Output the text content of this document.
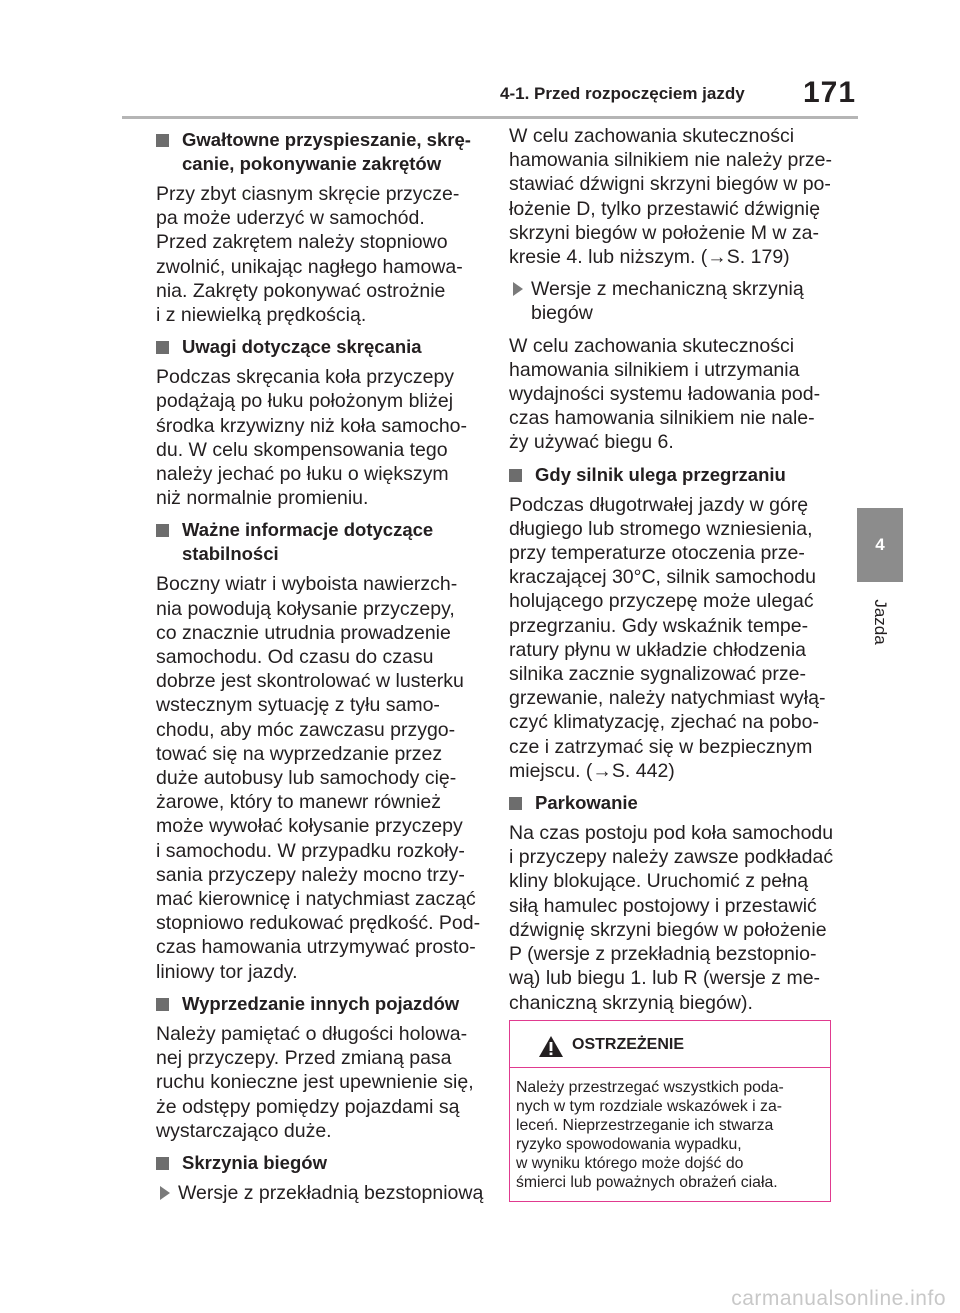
4-1. Przed rozpoczęciem jazdy 171
4
Jazda
Gwałtowne przyspieszanie, skrę-
canie, pokonywanie zakrętów
Przy zbyt ciasnym skręcie przycze-
pa może uderzyć w samochód.
Przed zakrętem należy stopniowo
zwolnić, unikając nagłego hamowa-
nia. Zakręty pokonywać ostrożnie
i z niewielką prędkością.
Uwagi dotyczące skręcania
Podczas skręcania koła przyczepy
podążają po łuku położonym bliżej
środka krzywizny niż koła samocho-
du. W celu skompensowania tego
należy jechać po łuku o większym
niż normalnie promieniu.
Ważne informacje dotyczące
stabilności
Boczny wiatr i wyboista nawierzch-
nia powodują kołysanie przyczepy,
co znacznie utrudnia prowadzenie
samochodu. Od czasu do czasu
dobrze jest skontrolować w lusterku
wstecznym sytuację z tyłu samo-
chodu, aby móc zawczasu przygo-
tować się na wyprzedzanie przez
duże autobusy lub samochody cię-
żarowe, który to manewr również
może wywołać kołysanie przyczepy
i samochodu. W przypadku rozkoły-
sania przyczepy należy mocno trzy-
mać kierownicę i natychmiast zacząć
stopniowo redukować prędkość. Pod-
czas hamowania utrzymywać prosto-
liniowy tor jazdy.
Wyprzedzanie innych pojazdów
Należy pamiętać o długości holowa-
nej przyczepy. Przed zmianą pasa
ruchu konieczne jest upewnienie się,
że odstępy pomiędzy pojazdami są
wystarczająco duże.
Skrzynia biegów
Wersje z przekładnią bezstopniową
W celu zachowania skuteczności
hamowania silnikiem nie należy prze-
stawiać dźwigni skrzyni biegów w po-
łożenie D, tylko przestawić dźwignię
skrzyni biegów w położenie M w za-
kresie 4. lub niższym. (→S. 179)
Wersje z mechaniczną skrzynią
biegów
W celu zachowania skuteczności
hamowania silnikiem i utrzymania
wydajności systemu ładowania pod-
czas hamowania silnikiem nie nale-
ży używać biegu 6.
Gdy silnik ulega przegrzaniu
Podczas długotrwałej jazdy w górę
długiego lub stromego wzniesienia,
przy temperaturze otoczenia prze-
kraczającej 30°C, silnik samochodu
holującego przyczepę może ulegać
przegrzaniu. Gdy wskaźnik tempe-
ratury płynu w układzie chłodzenia
silnika zacznie sygnalizować prze-
grzewanie, należy natychmiast wyłą-
czyć klimatyzację, zjechać na pobo-
cze i zatrzymać się w bezpiecznym
miejscu. (→S. 442)
Parkowanie
Na czas postoju pod koła samochodu
i przyczepy należy zawsze podkładać
kliny blokujące. Uruchomić z pełną
siłą hamulec postojowy i przestawić
dźwignię skrzyni biegów w położenie
P (wersje z przekładnią bezstopnio-
wą) lub biegu 1. lub R (wersje z me-
chaniczną skrzynią biegów).
OSTRZEŻENIE
Należy przestrzegać wszystkich poda-
nych w tym rozdziale wskazówek i za-
leceń. Nieprzestrzeganie ich stwarza
ryzyko spowodowania wypadku,
w wyniku którego może dojść do
śmierci lub poważnych obrażeń ciała.
carmanualsonline.info
